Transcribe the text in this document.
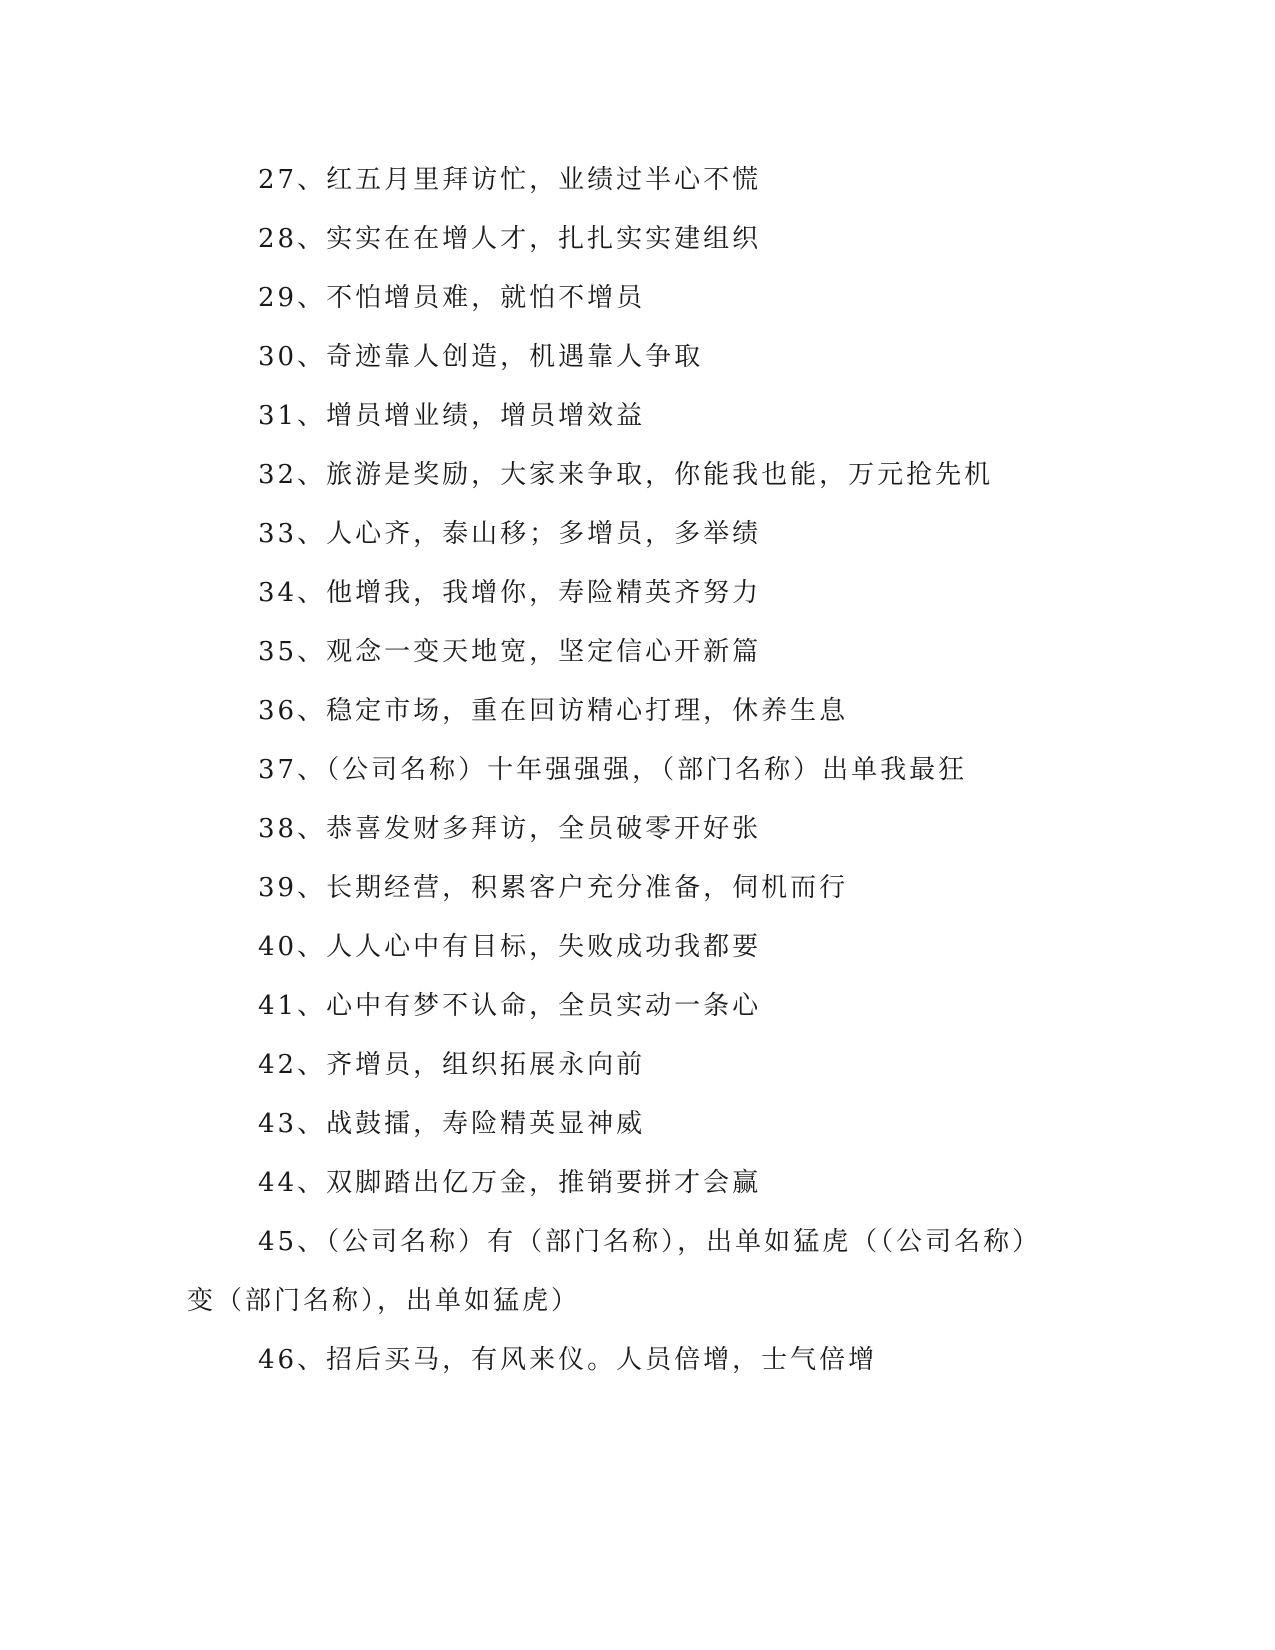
27、红五月里拜访忙，业绩过半心不慌
28、实实在在增人才，扎扎实实建组织
29、不怕增员难，就怕不增员
30、奇迹靠人创造，机遇靠人争取
31、增员增业绩，增员增效益
32、旅游是奖励，大家来争取，你能我也能，万元抢先机
33、人心齐，泰山移；多增员，多举绩
34、他增我，我增你，寿险精英齐努力
35、观念一变天地宽，坚定信心开新篇
36、稳定市场，重在回访精心打理，休养生息
37、（公司名称）十年强强强，（部门名称）出单我最狂
38、恭喜发财多拜访，全员破零开好张
39、长期经营，积累客户充分准备，伺机而行
40、人人心中有目标，失败成功我都要
41、心中有梦不认命，全员实动一条心
42、齐增员，组织拓展永向前
43、战鼓擂，寿险精英显神威
44、双脚踏出亿万金，推销要拼才会赢
45、（公司名称）有（部门名称），出单如猛虎（（公司名称）
变（部门名称），出单如猛虎）
46、招后买马，有风来仪。人员倍增，士气倍增
